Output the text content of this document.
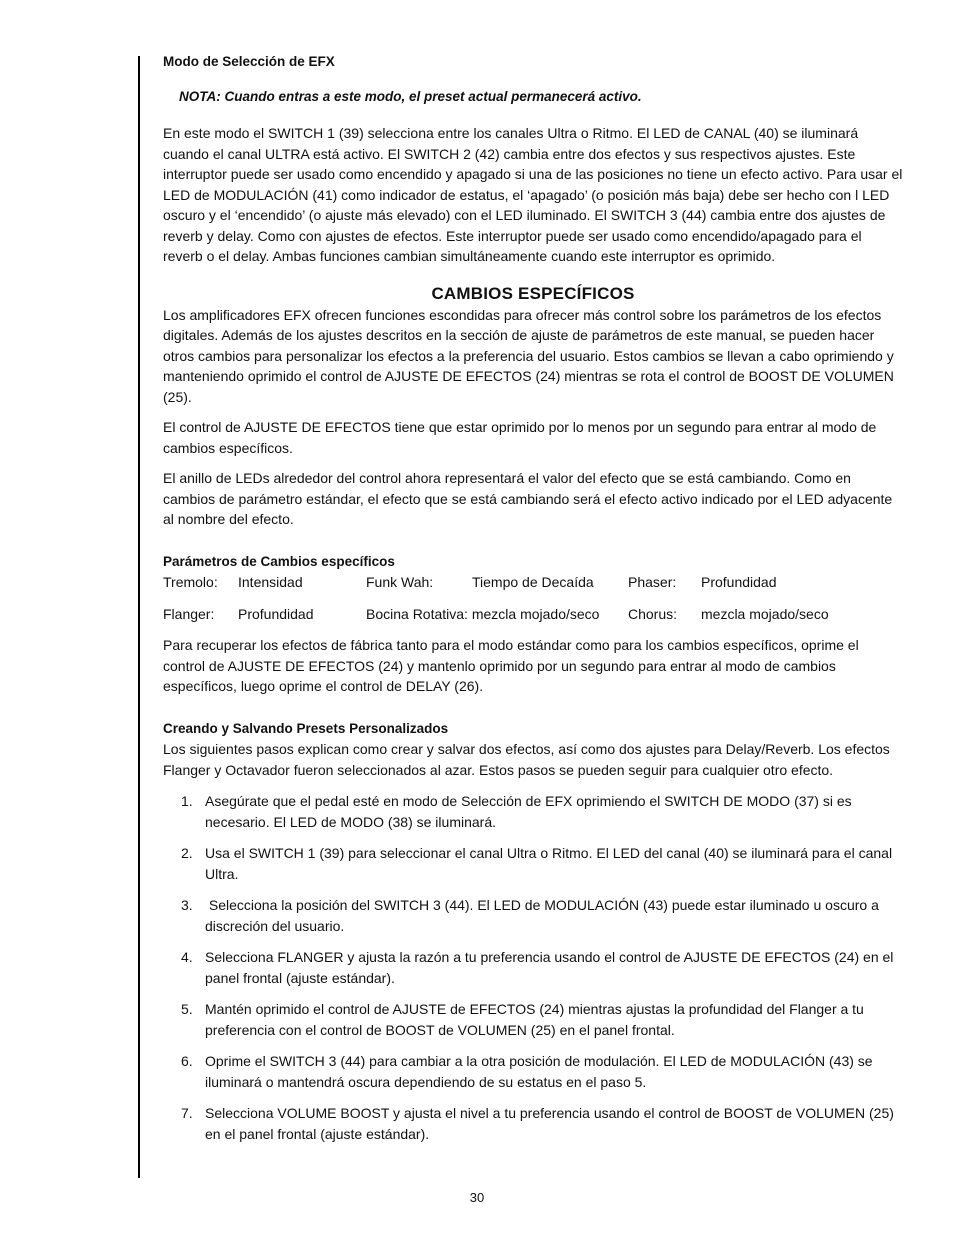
Modo de Selección de EFX
NOTA: Cuando entras a este modo, el preset actual permanecerá activo.

En este modo el SWITCH 1 (39) selecciona entre los canales Ultra o Ritmo. El LED de CANAL (40) se iluminará cuando el canal ULTRA está activo. El SWITCH 2 (42) cambia entre dos efectos y sus respectivos ajustes. Este interruptor puede ser usado como encendido y apagado si una de las posiciones no tiene un efecto activo. Para usar el LED de MODULACIÓN (41) como indicador de estatus, el ‘apagado’ (o posición más baja) debe ser hecho con l LED oscuro y el ‘encendido’ (o ajuste más elevado) con el LED iluminado. El SWITCH 3 (44) cambia entre dos ajustes de reverb y delay. Como con ajustes de efectos. Este interruptor puede ser usado como encendido/apagado para el reverb o el delay. Ambas funciones cambian simultáneamente cuando este interruptor es oprimido.

CAMBIOS ESPECÍFICOS

Los amplificadores EFX ofrecen funciones escondidas para ofrecer más control sobre los parámetros de los efectos digitales. Además de los ajustes descritos en la sección de ajuste de parámetros de este manual, se pueden hacer otros cambios para personalizar los efectos a la preferencia del usuario. Estos cambios se llevan a cabo oprimiendo y manteniendo oprimido el control de AJUSTE DE EFECTOS (24) mientras se rota el control de BOOST DE VOLUMEN (25).

El control de AJUSTE DE EFECTOS tiene que estar oprimido por lo menos por un segundo para entrar al modo de cambios específicos.

El anillo de LEDs alrededor del control ahora representará el valor del efecto que se está cambiando. Como en cambios de parámetro estándar, el efecto que se está cambiando será el efecto activo indicado por el LED adyacente al nombre del efecto.

Parámetros de Cambios específicos
Tremolo:	Intensidad	Funk Wah:	Tiempo de Decaída	Phaser:	Profundidad
Flanger:	Profundidad	Bocina Rotativa: mezcla mojado/seco	Chorus:	mezcla mojado/seco

Para recuperar los efectos de fábrica tanto para el modo estándar como para los cambios específicos, oprime el control de AJUSTE DE EFECTOS (24) y mantenlo oprimido por un segundo para entrar al modo de cambios específicos, luego oprime el control de DELAY (26).

Creando y Salvando Presets Personalizados

Los siguientes pasos explican como crear y salvar dos efectos, así como dos ajustes para Delay/Reverb. Los efectos Flanger y Octavador fueron seleccionados al azar. Estos pasos se pueden seguir para cualquier otro efecto.

1. Asegúrate que el pedal esté en modo de Selección de EFX oprimiendo el SWITCH DE MODO (37) si es necesario. El LED de MODO (38) se iluminará.
2. Usa el SWITCH 1 (39) para seleccionar el canal Ultra o Ritmo. El LED del canal (40) se iluminará para el canal Ultra.
3. Selecciona la posición del SWITCH 3 (44). El LED de MODULACIÓN (43) puede estar iluminado u oscuro a discreción del usuario.
4. Selecciona FLANGER y ajusta la razón a tu preferencia usando el control de AJUSTE DE EFECTOS (24) en el panel frontal (ajuste estándar).
5. Mantén oprimido el control de AJUSTE de EFECTOS (24) mientras ajustas la profundidad del Flanger a tu preferencia con el control de BOOST de VOLUMEN (25) en el panel frontal.
6. Oprime el SWITCH 3 (44) para cambiar a la otra posición de modulación. El LED de MODULACIÓN (43) se iluminará o mantendrá oscura dependiendo de su estatus en el paso 5.
7. Selecciona VOLUME BOOST y ajusta el nivel a tu preferencia usando el control de BOOST de VOLUMEN (25) en el panel frontal (ajuste estándar).
30
